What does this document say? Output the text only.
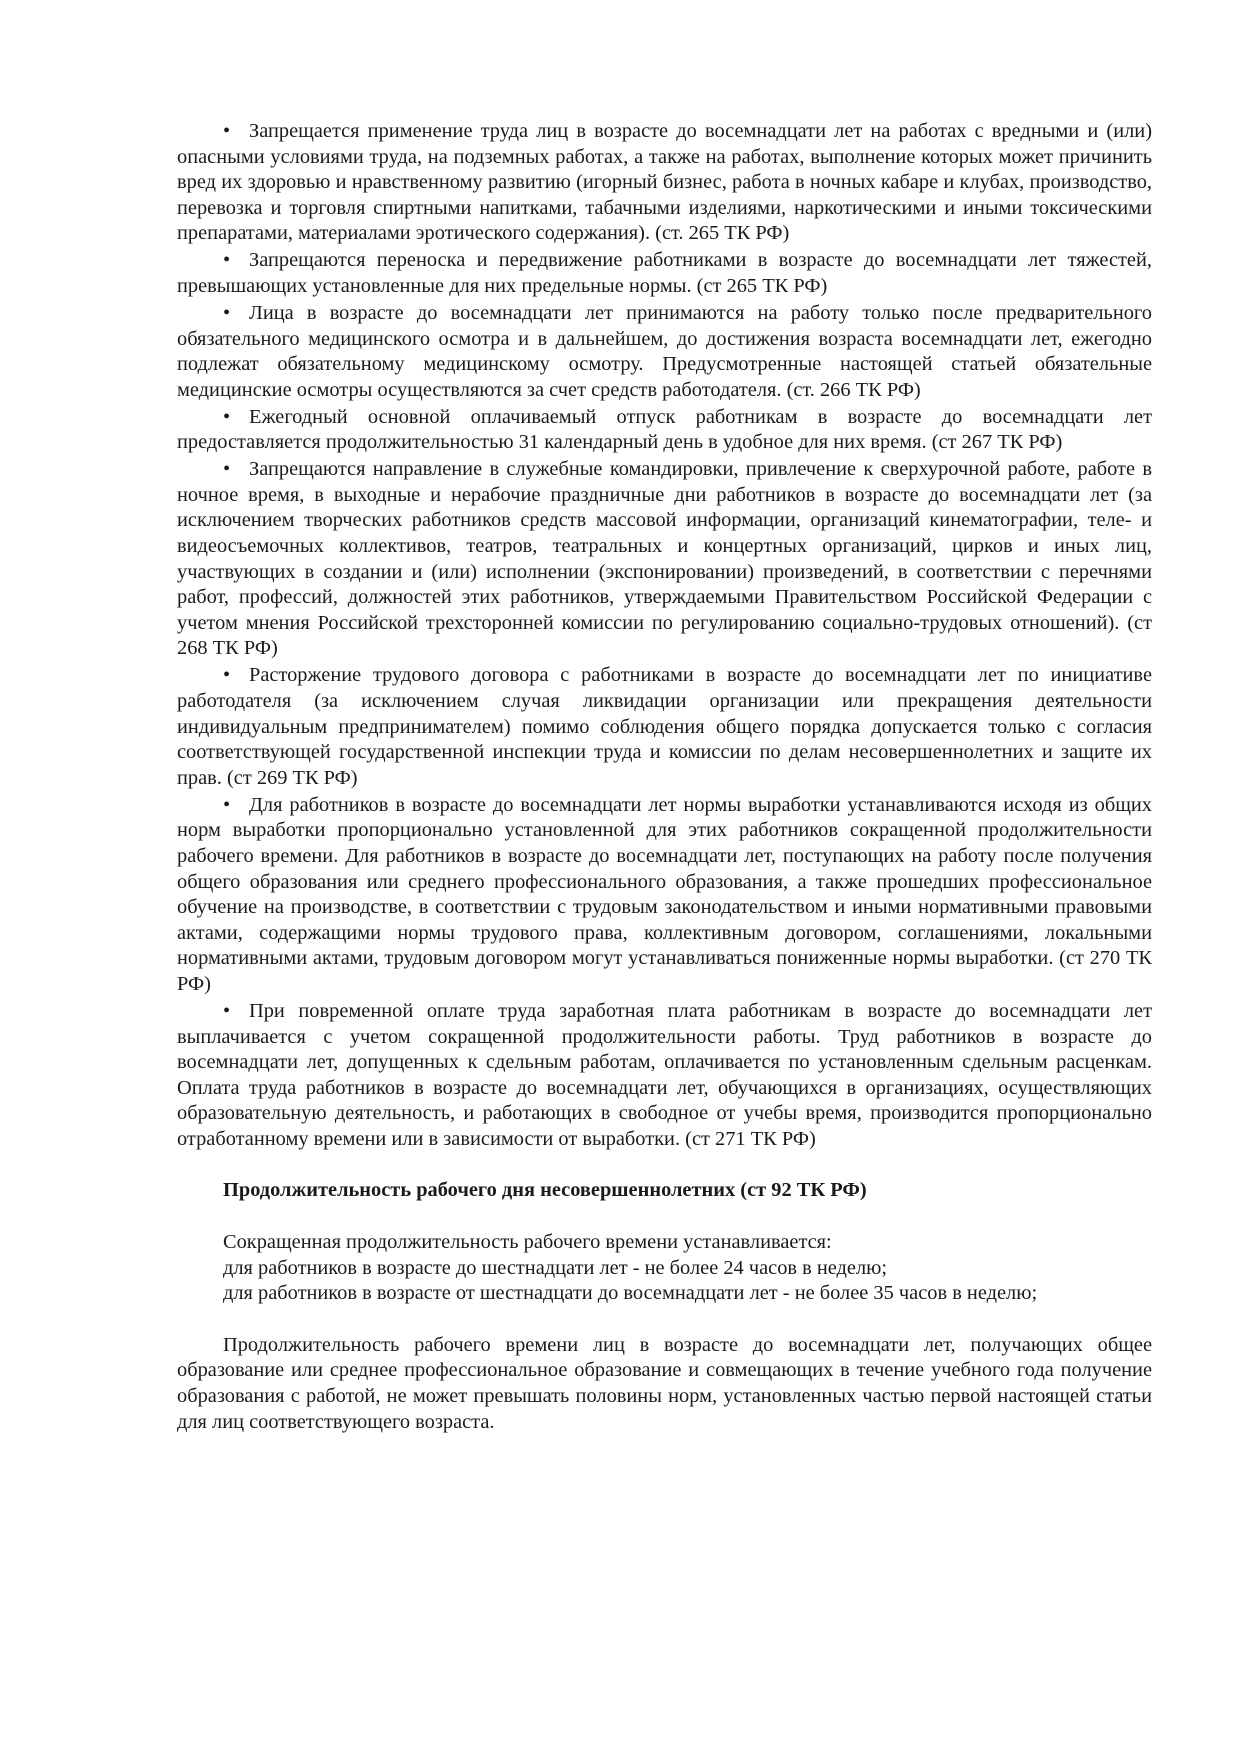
• Запрещается применение труда лиц в возрасте до восемнадцати лет на работах с вредными и (или) опасными условиями труда, на подземных работах, а также на работах, выполнение которых может причинить вред их здоровью и нравственному развитию (игорный бизнес, работа в ночных кабаре и клубах, производство, перевозка и торговля спиртными напитками, табачными изделиями, наркотическими и иными токсическими препаратами, материалами эротического содержания). (ст. 265 ТК РФ)
• Запрещаются переноска и передвижение работниками в возрасте до восемнадцати лет тяжестей, превышающих установленные для них предельные нормы. (ст 265 ТК РФ)
• Лица в возрасте до восемнадцати лет принимаются на работу только после предварительного обязательного медицинского осмотра и в дальнейшем, до достижения возраста восемнадцати лет, ежегодно подлежат обязательному медицинскому осмотру. Предусмотренные настоящей статьей обязательные медицинские осмотры осуществляются за счет средств работодателя. (ст. 266 ТК РФ)
• Ежегодный основной оплачиваемый отпуск работникам в возрасте до восемнадцати лет предоставляется продолжительностью 31 календарный день в удобное для них время. (ст 267 ТК РФ)
• Запрещаются направление в служебные командировки, привлечение к сверхурочной работе, работе в ночное время, в выходные и нерабочие праздничные дни работников в возрасте до восемнадцати лет (за исключением творческих работников средств массовой информации, организаций кинематографии, теле- и видеосъемочных коллективов, театров, театральных и концертных организаций, цирков и иных лиц, участвующих в создании и (или) исполнении (экспонировании) произведений, в соответствии с перечнями работ, профессий, должностей этих работников, утверждаемыми Правительством Российской Федерации с учетом мнения Российской трехсторонней комиссии по регулированию социально-трудовых отношений). (ст 268 ТК РФ)
• Расторжение трудового договора с работниками в возрасте до восемнадцати лет по инициативе работодателя (за исключением случая ликвидации организации или прекращения деятельности индивидуальным предпринимателем) помимо соблюдения общего порядка допускается только с согласия соответствующей государственной инспекции труда и комиссии по делам несовершеннолетних и защите их прав. (ст 269 ТК РФ)
• Для работников в возрасте до восемнадцати лет нормы выработки устанавливаются исходя из общих норм выработки пропорционально установленной для этих работников сокращенной продолжительности рабочего времени. Для работников в возрасте до восемнадцати лет, поступающих на работу после получения общего образования или среднего профессионального образования, а также прошедших профессиональное обучение на производстве, в соответствии с трудовым законодательством и иными нормативными правовыми актами, содержащими нормы трудового права, коллективным договором, соглашениями, локальными нормативными актами, трудовым договором могут устанавливаться пониженные нормы выработки. (ст 270 ТК РФ)
• При повременной оплате труда заработная плата работникам в возрасте до восемнадцати лет выплачивается с учетом сокращенной продолжительности работы. Труд работников в возрасте до восемнадцати лет, допущенных к сдельным работам, оплачивается по установленным сдельным расценкам. Оплата труда работников в возрасте до восемнадцати лет, обучающихся в организациях, осуществляющих образовательную деятельность, и работающих в свободное от учебы время, производится пропорционально отработанному времени или в зависимости от выработки. (ст 271 ТК РФ)
Продолжительность рабочего дня несовершеннолетних (ст 92 ТК РФ)
Сокращенная продолжительность рабочего времени устанавливается:
для работников в возрасте до шестнадцати лет - не более 24 часов в неделю;
для работников в возрасте от шестнадцати до восемнадцати лет - не более 35 часов в неделю;

Продолжительность рабочего времени лиц в возрасте до восемнадцати лет, получающих общее образование или среднее профессиональное образование и совмещающих в течение учебного года получение образования с работой, не может превышать половины норм, установленных частью первой настоящей статьи для лиц соответствующего возраста.
